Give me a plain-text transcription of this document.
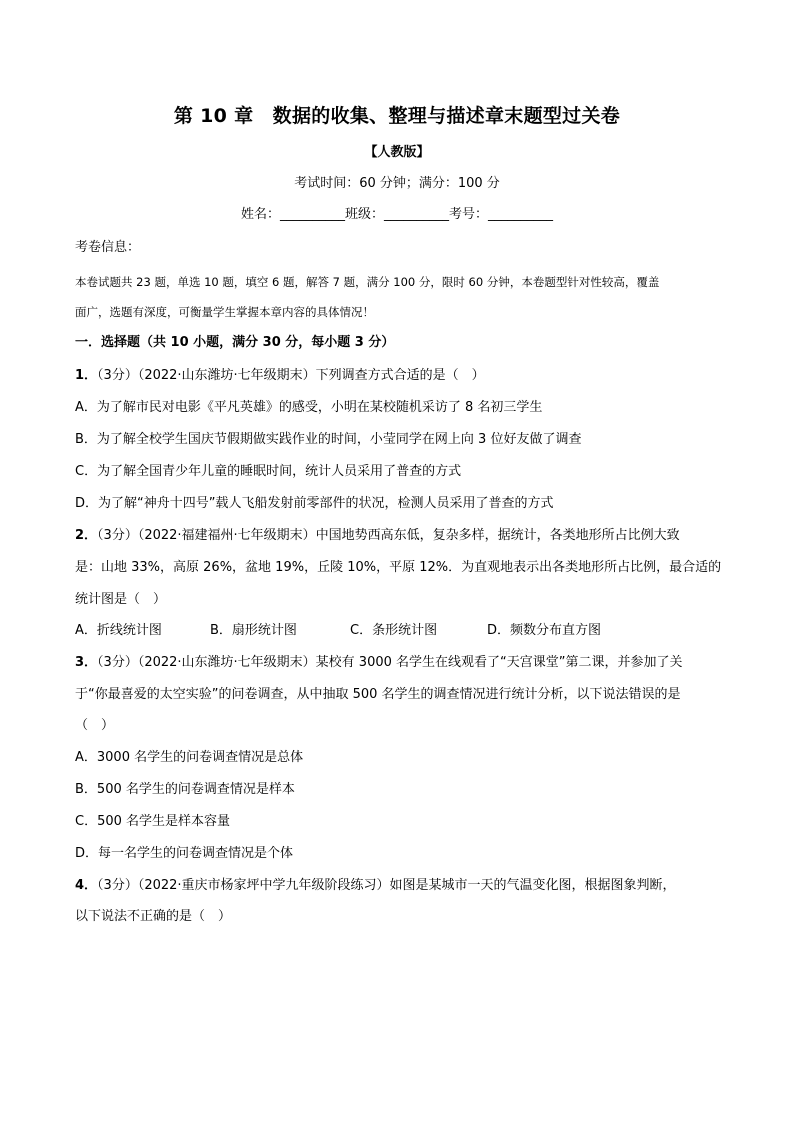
第 10 章　数据的收集、整理与描述章末题型过关卷
【人教版】
考试时间：60 分钟；满分：100 分
姓名：__________班级：__________考号：__________
考卷信息：
本卷试题共 23 题，单选 10 题，填空 6 题，解答 7 题，满分 100 分，限时 60 分钟，本卷题型针对性较高，覆盖
面广，选题有深度，可衡量学生掌握本章内容的具体情况！
一．选择题（共 10 小题，满分 30 分，每小题 3 分）
1．（3分）（2022·山东潍坊·七年级期末）下列调查方式合适的是（　）
A．为了解市民对电影《平凡英雄》的感受，小明在某校随机采访了 8 名初三学生
B．为了解全校学生国庆节假期做实践作业的时间，小莹同学在网上向 3 位好友做了调查
C．为了解全国青少年儿童的睡眠时间，统计人员采用了普查的方式
D．为了解“神舟十四号”载人飞船发射前零部件的状况，检测人员采用了普查的方式
2．（3分）（2022·福建福州·七年级期末）中国地势西高东低，复杂多样，据统计，各类地形所占比例大致
是：山地 33%，高原 26%，盆地 19%，丘陵 10%，平原 12%．为直观地表示出各类地形所占比例，最合适的
统计图是（　）
A．折线统计图	B．扇形统计图	C．条形统计图	D．频数分布直方图
3．（3分）（2022·山东潍坊·七年级期末）某校有 3000 名学生在线观看了“天宫课堂”第二课，并参加了关
于“你最喜爱的太空实验”的问卷调查，从中抽取 500 名学生的调查情况进行统计分析，以下说法错误的是
（　）
A．3000 名学生的问卷调查情况是总体
B．500 名学生的问卷调查情况是样本
C．500 名学生是样本容量
D．每一名学生的问卷调查情况是个体
4．（3分）（2022·重庆市杨家坪中学九年级阶段练习）如图是某城市一天的气温变化图，根据图象判断，
以下说法不正确的是（　）
